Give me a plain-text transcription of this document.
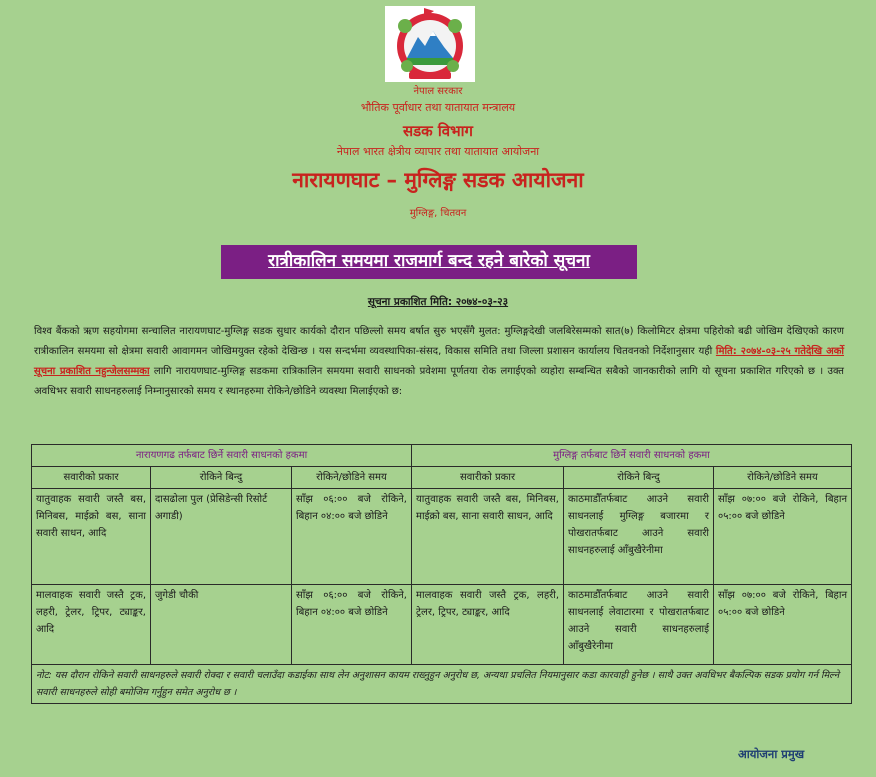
नेपाल सरकार
भौतिक पूर्वाधार तथा यातायात मन्त्रालय
सडक विभाग
नेपाल भारत क्षेत्रीय व्यापार तथा यातायात आयोजना
नारायणघाट – मुग्लिङ्ग सडक आयोजना
मुग्लिङ्ग, चितवन
रात्रीकालिन समयमा राजमार्ग बन्द रहने बारेको सूचना
सूचना प्रकाशित मिति: २०७४-०३-२३
विश्व बैंकको ऋण सहयोगमा सन्चालित नारायणघाट-मुग्लिङ्ग सडक सुधार कार्यको दौरान पछिल्लो समय बर्षात सुरु भएसँगै मुलत: मुग्लिङ्गदेखी जलबिरेसम्मको सात(७) किलोमिटर क्षेत्रमा पहिरोको बढी जोखिम देखिएको कारण रात्रीकालिन समयमा सो क्षेत्रमा सवारी आवागमन जोखिमयुक्त रहेको देखिन्छ । यस सन्दर्भमा व्यवस्थापिका-संसद, विकास समिति तथा जिल्ला प्रशासन कार्यालय चितवनको निर्देशानुसार यही मिति: २०७४-०३-२५ गतेदेखि अर्को सूचना प्रकाशित नहुन्जेलसम्मका लागि नारायणघाट-मुग्लिङ्ग सडकमा रात्रिकालिन समयमा सवारी साधनको प्रवेशमा पूर्णतया रोक लगाईएको व्यहोरा सम्बन्धित सबैको जानकारीको लागि यो सूचना प्रकाशित गरिएको छ । उक्त अवधिभर सवारी साधनहरुलाई निम्नानुसारको समय र स्थानहरुमा रोकिने/छोडिने व्यवस्था मिलाईएको छ:
नारायणगढ तर्फबाट छिर्ने सवारी साधनको हकमा			मुग्लिङ्ग तर्फबाट छिर्ने सवारी साधनको हकमा		
सवारीको प्रकार	रोकिने बिन्दु	रोकिने/छोडिने समय	सवारीको प्रकार	रोकिने बिन्दु	रोकिने/छोडिने समय
यातुवाहक सवारी जस्तै बस, मिनिबस, माईक्रो बस, साना सवारी साधन, आदि	दासढोला पुल (प्रेसिडेन्सी रिसोर्ट अगाडी)	साँझ ०६:०० बजे रोकिने, बिहान ०४:०० बजे छोडिने	यातुवाहक सवारी जस्तै बस, मिनिबस, माईक्रो बस, साना सवारी साधन, आदि	काठमाडौँतर्फबाट आउने सवारी साधनलाई मुग्लिङ्ग बजारमा र पोखरातर्फबाट आउने सवारी साधनहरुलाई आँबुखैरेनीमा	साँझ ०७:०० बजे रोकिने, बिहान ०५:०० बजे छोडिने
मालवाहक सवारी जस्तै ट्रक, लहरी, ट्रेलर, ट्रिपर, ट्याङ्कर, आदि	जुगेडी चौकी	साँझ ०६:०० बजे रोकिने, बिहान ०४:०० बजे छोडिने	मालवाहक सवारी जस्तै ट्रक, लहरी, ट्रेलर, ट्रिपर, ट्याङ्कर, आदि	काठमाडौँतर्फबाट आउने सवारी साधनलाई लेवाटारमा र पोखरातर्फबाट आउने सवारी साधनहरुलाई आँबुखैरेनीमा	साँझ ०७:०० बजे रोकिने, बिहान ०५:०० बजे छोडिने
नोट: यस दौरान रोकिने सवारी साधनहरुले सवारी रोक्दा र सवारी चलाउँदा कडाईका साथ लेन अनुशासन कायम राख्नुहुन अनुरोध छ, अन्यथा प्रचलित नियमानुसार कडा कारवाही हुनेछ । साथै उक्त अवधिभर बैकल्पिक सडक प्रयोग गर्न मिल्ने सवारी साधनहरुले सोही बमोजिम गर्नुहुन समेत अनुरोध छ ।					
आयोजना प्रमुख
